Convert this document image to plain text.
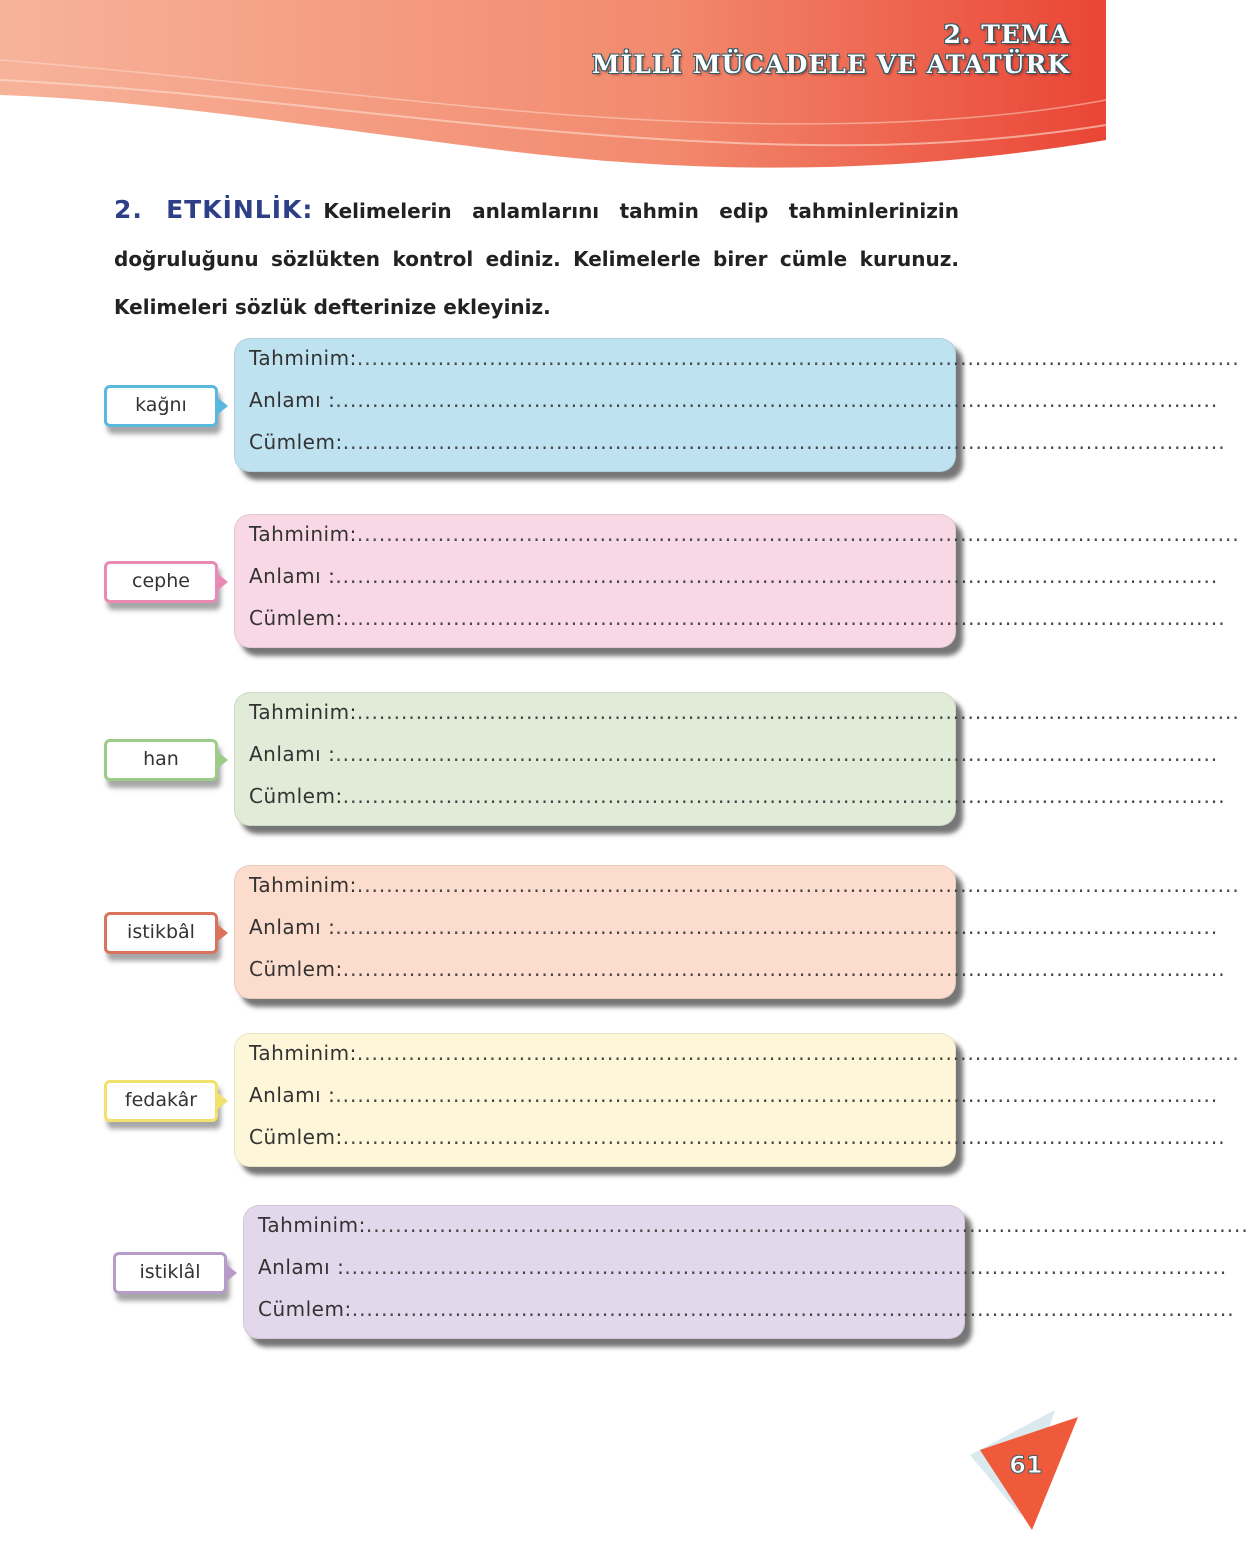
2. TEMA
MİLLÎ MÜCADELE VE ATATÜRK
2. ETKİNLİK: Kelimelerin anlamlarını tahmin edip tahminlerinizin doğruluğunu sözlükten kontrol ediniz. Kelimelerle birer cümle kurunuz. Kelimeleri sözlük defterinize ekleyiniz.
kağnı
Tahminim:........................................................................................................................
Anlamı :........................................................................................................................
Cümlem:........................................................................................................................
cephe
Tahminim:........................................................................................................................
Anlamı :........................................................................................................................
Cümlem:........................................................................................................................
han
Tahminim:........................................................................................................................
Anlamı :........................................................................................................................
Cümlem:........................................................................................................................
istikbâl
Tahminim:........................................................................................................................
Anlamı :........................................................................................................................
Cümlem:........................................................................................................................
fedakâr
Tahminim:........................................................................................................................
Anlamı :........................................................................................................................
Cümlem:........................................................................................................................
istiklâl
Tahminim:........................................................................................................................
Anlamı :........................................................................................................................
Cümlem:........................................................................................................................
61
